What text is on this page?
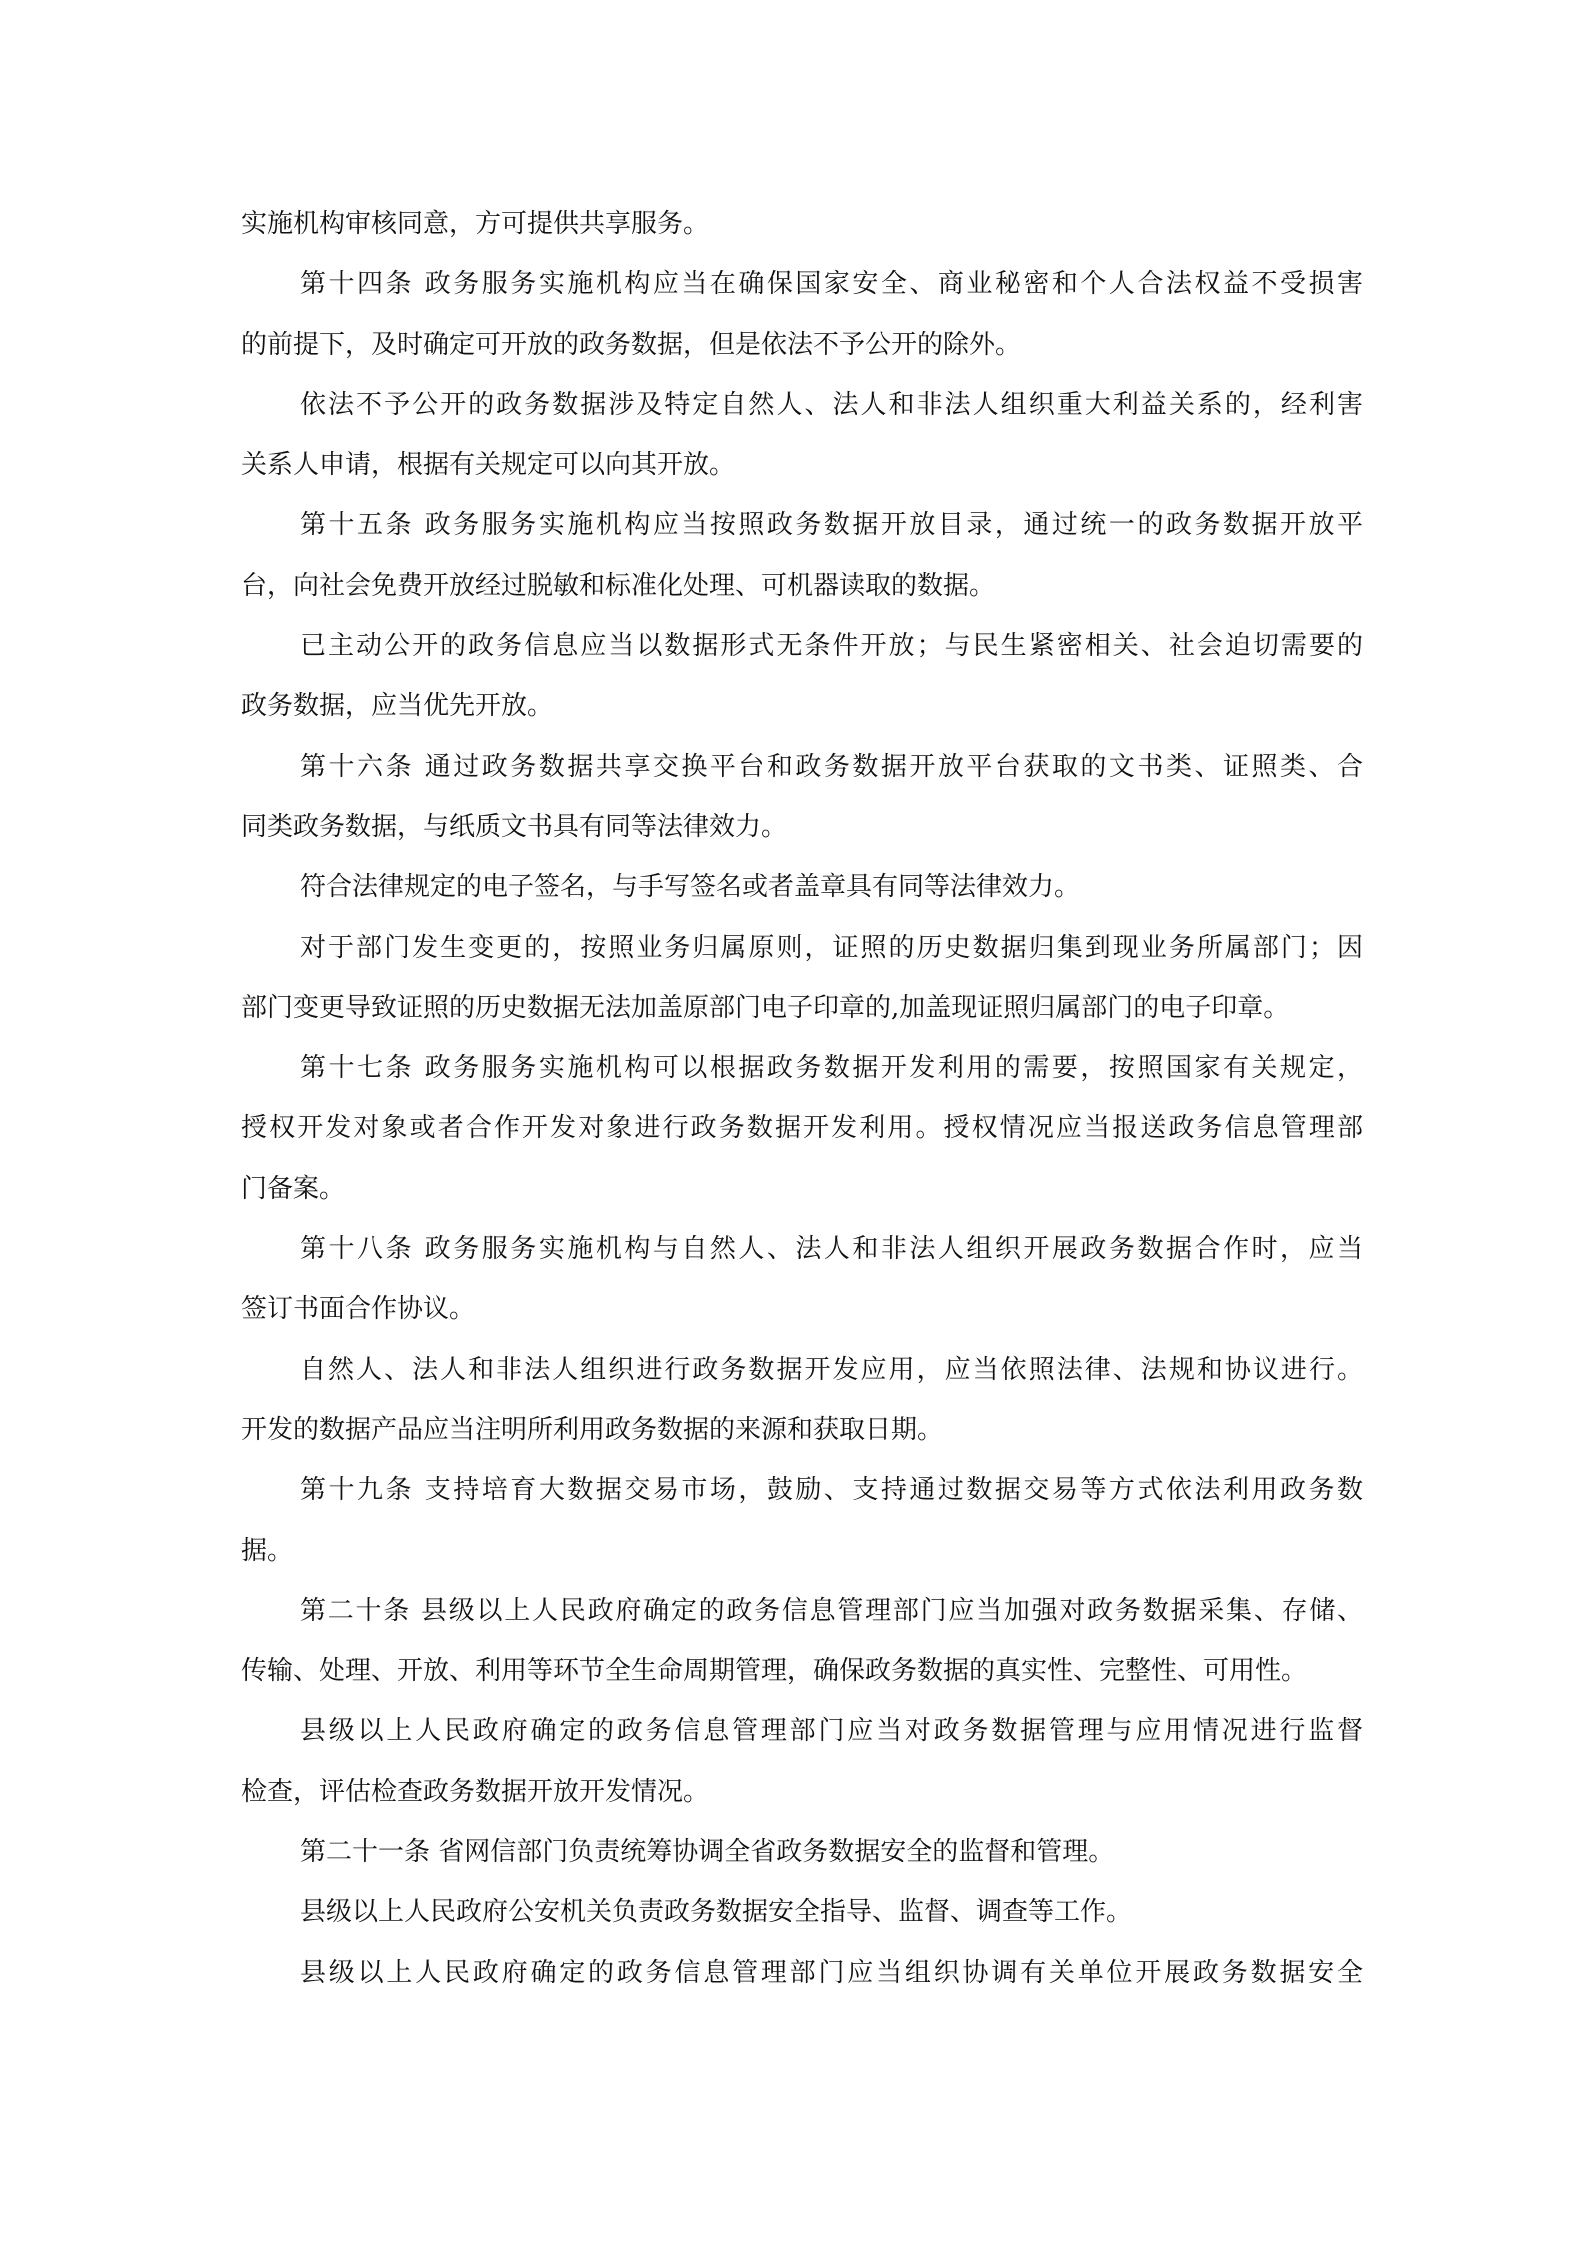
实施机构审核同意，方可提供共享服务。
第十四条 政务服务实施机构应当在确保国家安全、商业秘密和个人合法权益不受损害
的前提下，及时确定可开放的政务数据，但是依法不予公开的除外。
依法不予公开的政务数据涉及特定自然人、法人和非法人组织重大利益关系的，经利害
关系人申请，根据有关规定可以向其开放。
第十五条 政务服务实施机构应当按照政务数据开放目录，通过统一的政务数据开放平
台，向社会免费开放经过脱敏和标准化处理、可机器读取的数据。
已主动公开的政务信息应当以数据形式无条件开放；与民生紧密相关、社会迫切需要的
政务数据，应当优先开放。
第十六条 通过政务数据共享交换平台和政务数据开放平台获取的文书类、证照类、合
同类政务数据，与纸质文书具有同等法律效力。
符合法律规定的电子签名，与手写签名或者盖章具有同等法律效力。
对于部门发生变更的，按照业务归属原则，证照的历史数据归集到现业务所属部门；因
部门变更导致证照的历史数据无法加盖原部门电子印章的,加盖现证照归属部门的电子印章。
第十七条 政务服务实施机构可以根据政务数据开发利用的需要，按照国家有关规定，
授权开发对象或者合作开发对象进行政务数据开发利用。授权情况应当报送政务信息管理部
门备案。
第十八条 政务服务实施机构与自然人、法人和非法人组织开展政务数据合作时，应当
签订书面合作协议。
自然人、法人和非法人组织进行政务数据开发应用，应当依照法律、法规和协议进行。
开发的数据产品应当注明所利用政务数据的来源和获取日期。
第十九条 支持培育大数据交易市场，鼓励、支持通过数据交易等方式依法利用政务数
据。
第二十条 县级以上人民政府确定的政务信息管理部门应当加强对政务数据采集、存储、
传输、处理、开放、利用等环节全生命周期管理，确保政务数据的真实性、完整性、可用性。
县级以上人民政府确定的政务信息管理部门应当对政务数据管理与应用情况进行监督
检查，评估检查政务数据开放开发情况。
第二十一条 省网信部门负责统筹协调全省政务数据安全的监督和管理。
县级以上人民政府公安机关负责政务数据安全指导、监督、调查等工作。
县级以上人民政府确定的政务信息管理部门应当组织协调有关单位开展政务数据安全
